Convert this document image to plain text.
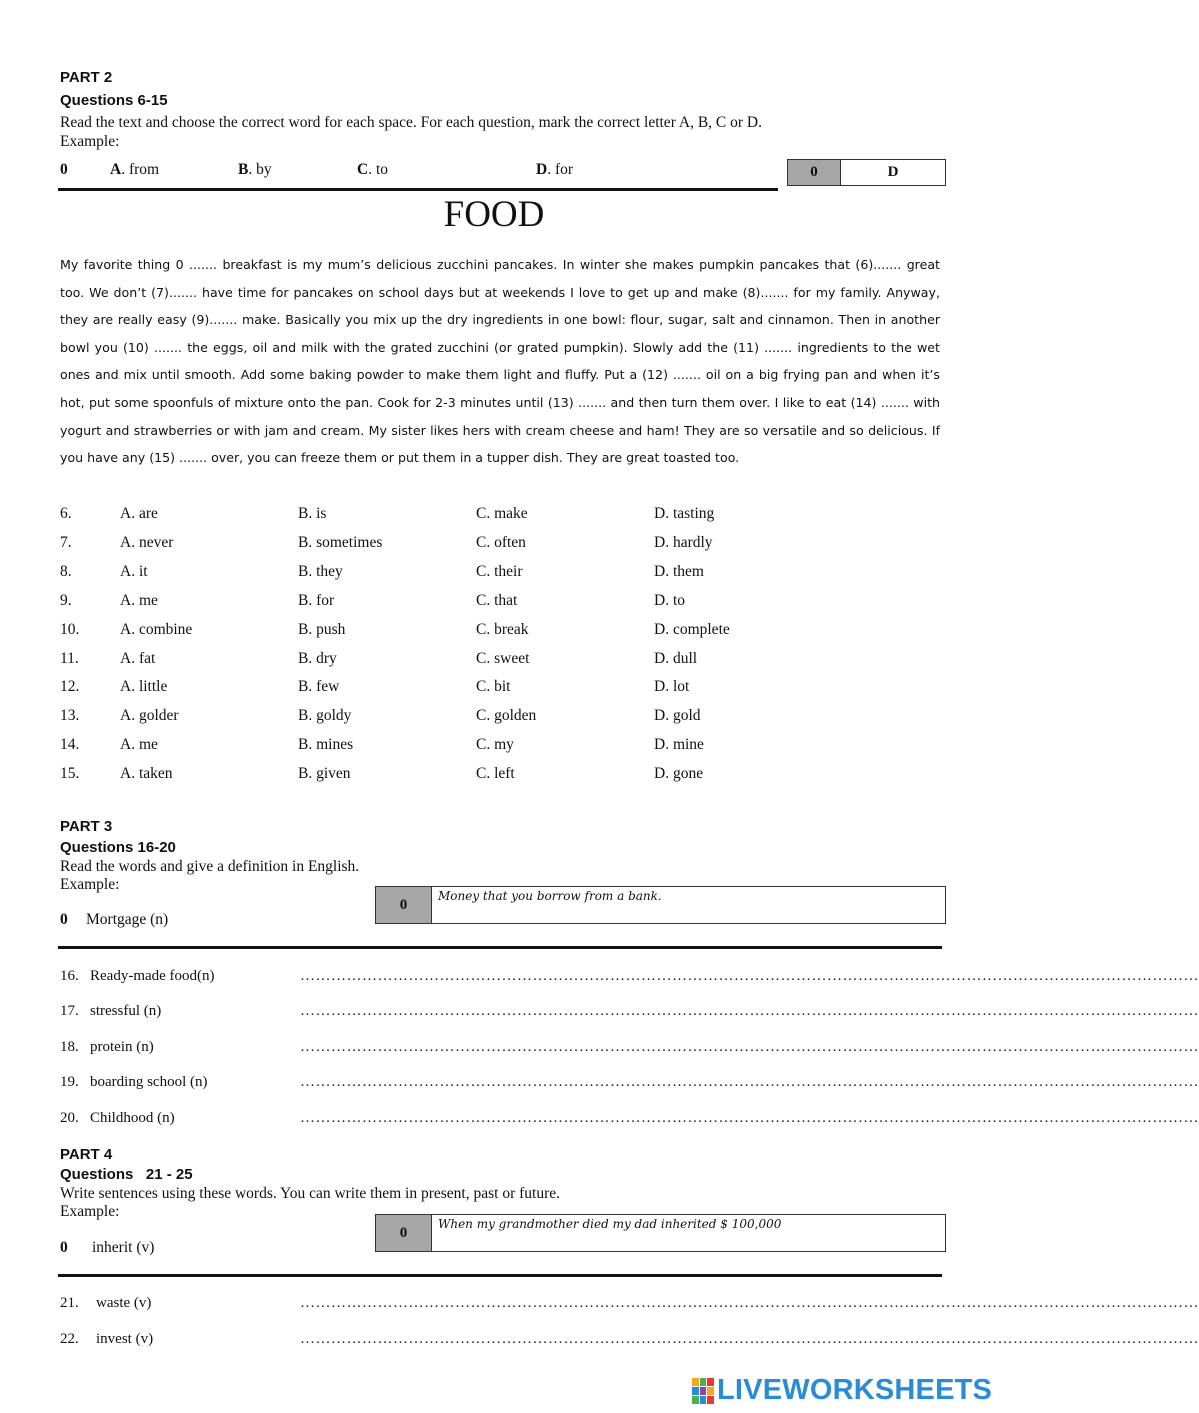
PART 2
Questions 6-15
Read the text and choose the correct word for each space. For each question, mark the correct letter A, B, C or D.
Example:
0	A. from	B. by	C. to	D. for	0	D
FOOD
My favorite thing 0 ....... breakfast is my mum’s delicious zucchini pancakes. In winter she makes pumpkin pancakes that (6)....... great too. We don’t (7)....... have time for pancakes on school days but at weekends I love to get up and make (8)....... for my family. Anyway, they are really easy (9)....... make. Basically you mix up the dry ingredients in one bowl: flour, sugar, salt and cinnamon. Then in another bowl you (10) ....... the eggs, oil and milk with the grated zucchini (or grated pumpkin). Slowly add the (11) ....... ingredients to the wet ones and mix until smooth. Add some baking powder to make them light and fluffy. Put a (12) ....... oil on a big frying pan and when it’s hot, put some spoonfuls of mixture onto the pan. Cook for 2-3 minutes until (13) ....... and then turn them over. I like to eat (14) ....... with yogurt and strawberries or with jam and cream. My sister likes hers with cream cheese and ham! They are so versatile and so delicious. If you have any (15) ....... over, you can freeze them or put them in a tupper dish. They are great toasted too.
6.	A. are	B. is	C. make	D. tasting
7.	A. never	B. sometimes	C. often	D. hardly
8.	A. it	B. they	C. their	D. them
9.	A. me	B. for	C. that	D. to
10.	A. combine	B. push	C. break	D. complete
11.	A. fat	B. dry	C. sweet	D. dull
12.	A. little	B. few	C. bit	D. lot
13.	A. golder	B. goldy	C. golden	D. gold
14.	A. me	B. mines	C. my	D. mine
15.	A. taken	B. given	C. left	D. gone
PART 3
Questions 16-20
Read the words and give a definition in English.
Example:
0 Mortgage (n)
0
Money that you borrow from a bank.
16. Ready-made food(n)	…………………………………………………………………………………………………………………………………………………………
17. stressful (n)	…………………………………………………………………………………………………………………………………………………………
18. protein (n)	…………………………………………………………………………………………………………………………………………………………
19. boarding school (n)	…………………………………………………………………………………………………………………………………………………………
20. Childhood (n)	…………………………………………………………………………………………………………………………………………………………
PART 4
Questions   21 - 25
Write sentences using these words. You can write them in present, past or future.
Example:
0 inherit (v)
0
When my grandmother died my dad inherited $ 100,000
21. waste (v)	…………………………………………………………………………………………………………………………………………………………
22. invest (v)	…………………………………………………………………………………………………………………………………………………………
LIVEWORKSHEETS
